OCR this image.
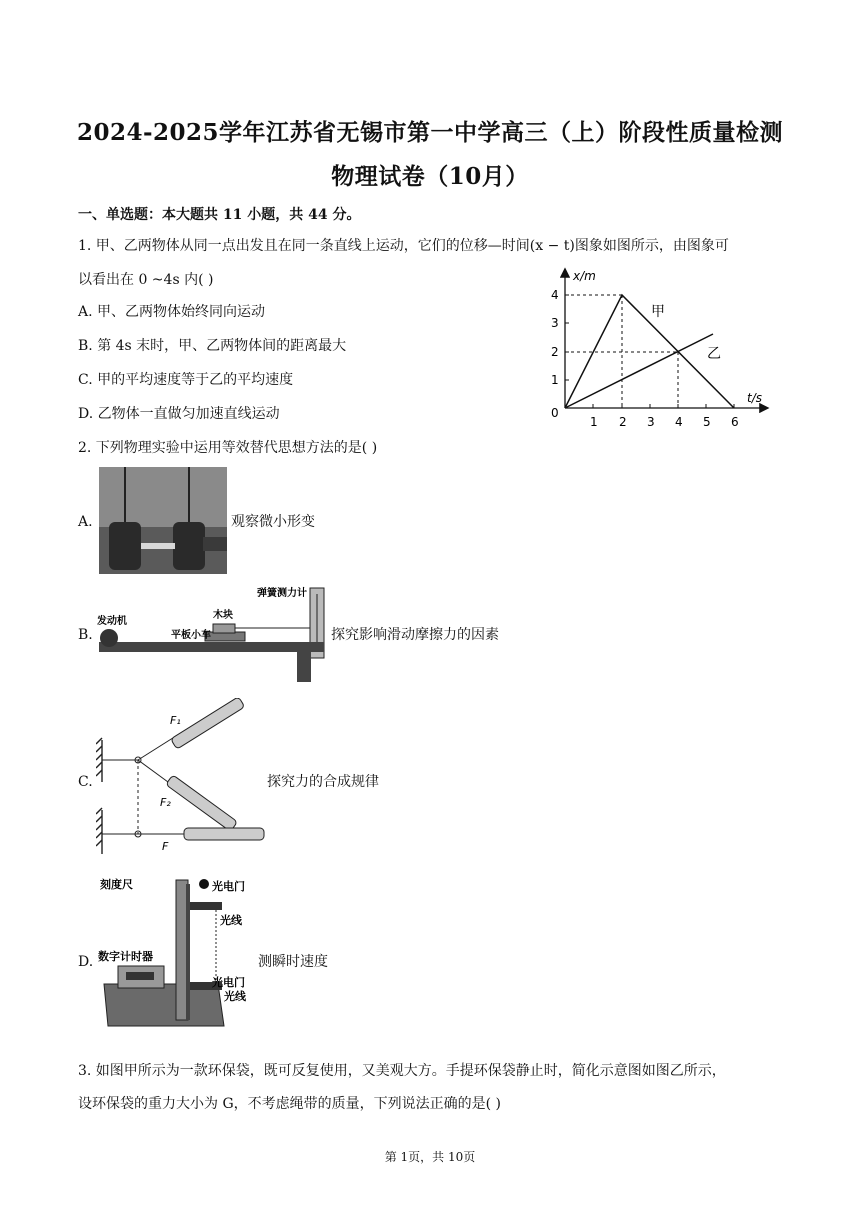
2024-2025学年江苏省无锡市第一中学高三（上）阶段性质量检测
物理试卷（10月）
一、单选题：本大题共 11 小题，共 44 分。
1. 甲、乙两物体从同一点出发且在同一条直线上运动，它们的位移—时间(x − t)图象如图所示，由图象可
以看出在 0 ~4s 内( )
A. 甲、乙两物体始终同向运动
B. 第 4s 末时，甲、乙两物体间的距离最大
C. 甲的平均速度等于乙的平均速度
D. 乙物体一直做匀加速直线运动
x/m
t/s
0
1 2 3 4 5 6
1
2
3
4
甲
乙
2. 下列物理实验中运用等效替代思想方法的是( )
A.	观察微小形变
B.
弹簧测力计
发动机
木块
平板小车	探究影响滑动摩擦力的因素
C.
F₁
F₂
F
探究力的合成规律
D.
刻度尺	光电门
光线
数字计时器
光电门
光线
测瞬时速度
3. 如图甲所示为一款环保袋，既可反复使用，又美观大方。手提环保袋静止时，简化示意图如图乙所示，
设环保袋的重力大小为 G，不考虑绳带的质量，下列说法正确的是( )
第 1页，共 10页
